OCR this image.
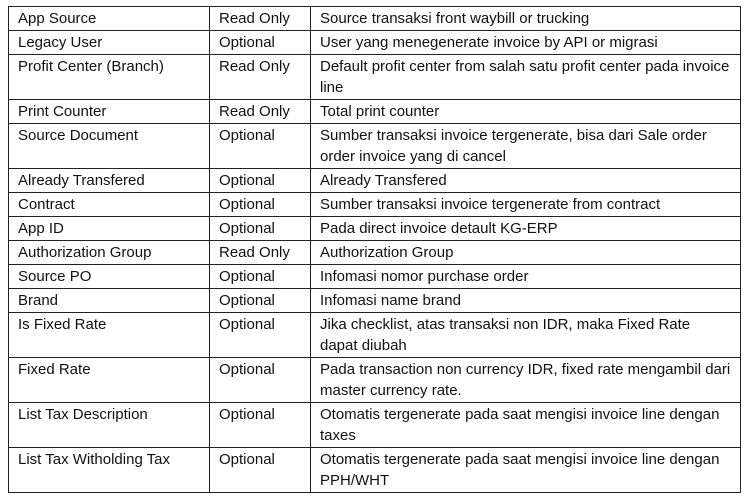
App Source	Read Only	Source transaksi front waybill or trucking
Legacy User	Optional	User yang menegenerate invoice by API or migrasi
Profit Center (Branch)	Read Only	Default profit center from salah satu profit center pada invoice line
Print Counter	Read Only	Total print counter
Source Document	Optional	Sumber transaksi invoice tergenerate, bisa dari Sale order order invoice yang di cancel
Already Transfered	Optional	Already Transfered
Contract	Optional	Sumber transaksi invoice tergenerate from contract
App ID	Optional	Pada direct invoice detault KG-ERP
Authorization Group	Read Only	Authorization Group
Source PO	Optional	Infomasi nomor purchase order
Brand	Optional	Infomasi name brand
Is Fixed Rate	Optional	Jika checklist, atas transaksi non IDR, maka Fixed Rate dapat diubah
Fixed Rate	Optional	Pada transaction non currency IDR, fixed rate mengambil dari master currency rate.
List Tax Description	Optional	Otomatis tergenerate pada saat mengisi invoice line dengan taxes
List Tax Witholding Tax	Optional	Otomatis tergenerate pada saat mengisi invoice line dengan PPH/WHT
